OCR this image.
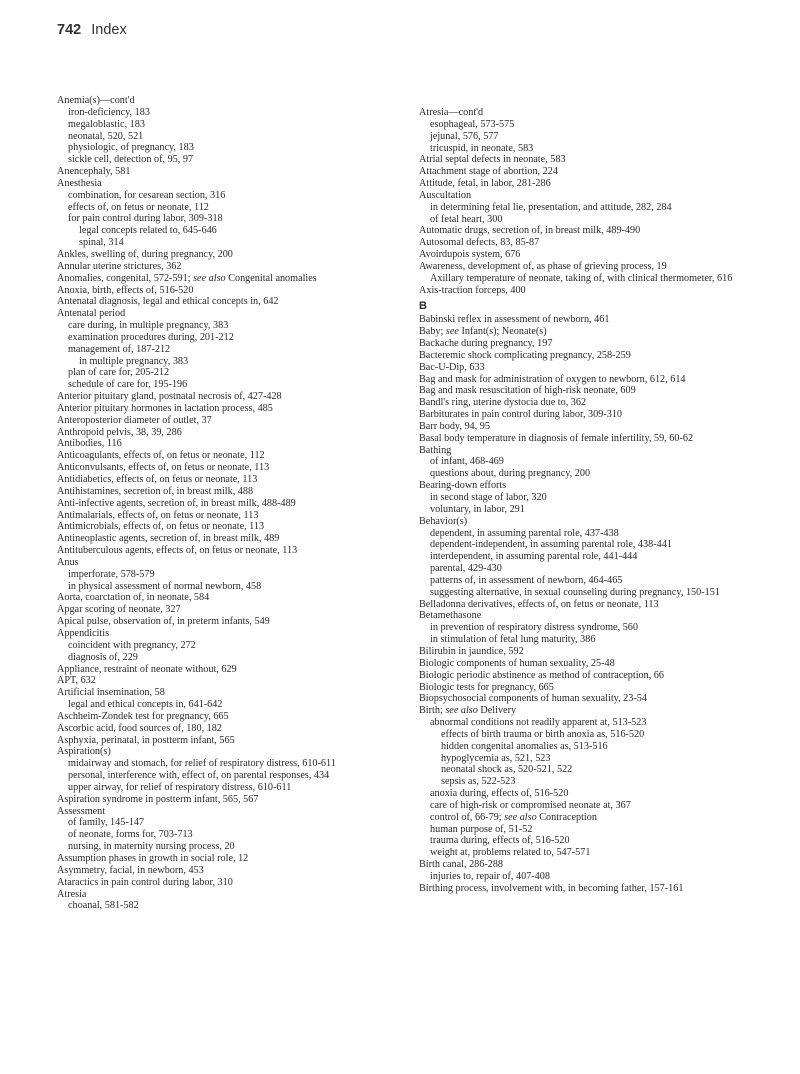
742 Index
Anemia(s)—cont'd
iron-deficiency, 183
megaloblastic, 183
neonatal, 520, 521
physiologic, of pregnancy, 183
sickle cell, detection of, 95, 97
Anencephaly, 581
Anesthesia
combination, for cesarean section, 316
effects of, on fetus or neonate, 112
for pain control during labor, 309-318
legal concepts related to, 645-646
spinal, 314
Ankles, swelling of, during pregnancy, 200
Annular uterine strictures, 362
Anomalies, congenital, 572-591; see also Congenital anomalies
Anoxia, birth, effects of, 516-520
Antenatal diagnosis, legal and ethical concepts in, 642
Antenatal period
care during, in multiple pregnancy, 383
examination procedures during, 201-212
management of, 187-212
in multiple pregnancy, 383
plan of care for, 205-212
schedule of care for, 195-196
Anterior pituitary gland, postnatal necrosis of, 427-428
Anterior pituitary hormones in lactation process, 485
Anteroposterior diameter of outlet, 37
Anthropoid pelvis, 38, 39, 286
Antibodies, 116
Anticoagulants, effects of, on fetus or neonate, 112
Anticonvulsants, effects of, on fetus or neonate, 113
Antidiabetics, effects of, on fetus or neonate, 113
Antihistamines, secretion of, in breast milk, 488
Anti-infective agents, secretion of, in breast milk, 488-489
Antimalarials, effects of, on fetus or neonate, 113
Antimicrobials, effects of, on fetus or neonate, 113
Antineoplastic agents, secretion of, in breast milk, 489
Antituberculous agents, effects of, on fetus or neonate, 113
Anus
imperforate, 578-579
in physical assessment of normal newborn, 458
Aorta, coarctation of, in neonate, 584
Apgar scoring of neonate, 327
Apical pulse, observation of, in preterm infants, 549
Appendicitis
coincident with pregnancy, 272
diagnosis of, 229
Appliance, restraint of neonate without, 629
APT, 632
Artificial insemination, 58
legal and ethical concepts in, 641-642
Aschheim-Zondek test for pregnancy, 665
Ascorbic acid, food sources of, 180, 182
Asphyxia, perinatal, in postterm infant, 565
Aspiration(s)
midairway and stomach, for relief of respiratory distress, 610-611
personal, interference with, effect of, on parental responses, 434
upper airway, for relief of respiratory distress, 610-611
Aspiration syndrome in postterm infant, 565, 567
Assessment
of family, 145-147
of neonate, forms for, 703-713
nursing, in maternity nursing process, 20
Assumption phases in growth in social role, 12
Asymmetry, facial, in newborn, 453
Ataractics in pain control during labor, 310
Atresia
choanal, 581-582
Atresia—cont'd
esophageal, 573-575
jejunal, 576, 577
tricuspid, in neonate, 583
Atrial septal defects in neonate, 583
Attachment stage of abortion, 224
Attitude, fetal, in labor, 281-286
Auscultation
in determining fetal lie, presentation, and attitude, 282, 284
of fetal heart, 300
Automatic drugs, secretion of, in breast milk, 489-490
Autosomal defects, 83, 85-87
Avoirdupois system, 676
Awareness, development of, as phase of grieving process, 19
Axillary temperature of neonate, taking of, with clinical thermometer, 616
Axis-traction forceps, 400
B
Babinski reflex in assessment of newborn, 461
Baby; see Infant(s); Neonate(s)
Backache during pregnancy, 197
Bacteremic shock complicating pregnancy, 258-259
Bac-U-Dip, 633
Bag and mask for administration of oxygen to newborn, 612, 614
Bag and mask resuscitation of high-risk neonate, 609
Bandl's ring, uterine dystocia due to, 362
Barbiturates in pain control during labor, 309-310
Barr body, 94, 95
Basal body temperature in diagnosis of female infertility, 59, 60-62
Bathing
of infant, 468-469
questions about, during pregnancy, 200
Bearing-down efforts
in second stage of labor, 320
voluntary, in labor, 291
Behavior(s)
dependent, in assuming parental role, 437-438
dependent-independent, in assuming parental role, 438-441
interdependent, in assuming parental role, 441-444
parental, 429-430
patterns of, in assessment of newborn, 464-465
suggesting alternative, in sexual counseling during pregnancy, 150-151
Belladonna derivatives, effects of, on fetus or neonate, 113
Betamethasone
in prevention of respiratory distress syndrome, 560
in stimulation of fetal lung maturity, 386
Bilirubin in jaundice, 592
Biologic components of human sexuality, 25-48
Biologic periodic abstinence as method of contraception, 66
Biologic tests for pregnancy, 665
Biopsychosocial components of human sexuality, 23-54
Birth; see also Delivery
abnormal conditions not readily apparent at, 513-523
effects of birth trauma or birth anoxia as, 516-520
hidden congenital anomalies as, 513-516
hypoglycemia as, 521, 523
neonatal shock as, 520-521, 522
sepsis as, 522-523
anoxia during, effects of, 516-520
care of high-risk or compromised neonate at, 367
control of, 66-79; see also Contraception
human purpose of, 51-52
trauma during, effects of, 516-520
weight at, problems related to, 547-571
Birth canal, 286-288
injuries to, repair of, 407-408
Birthing process, involvement with, in becoming father, 157-161
